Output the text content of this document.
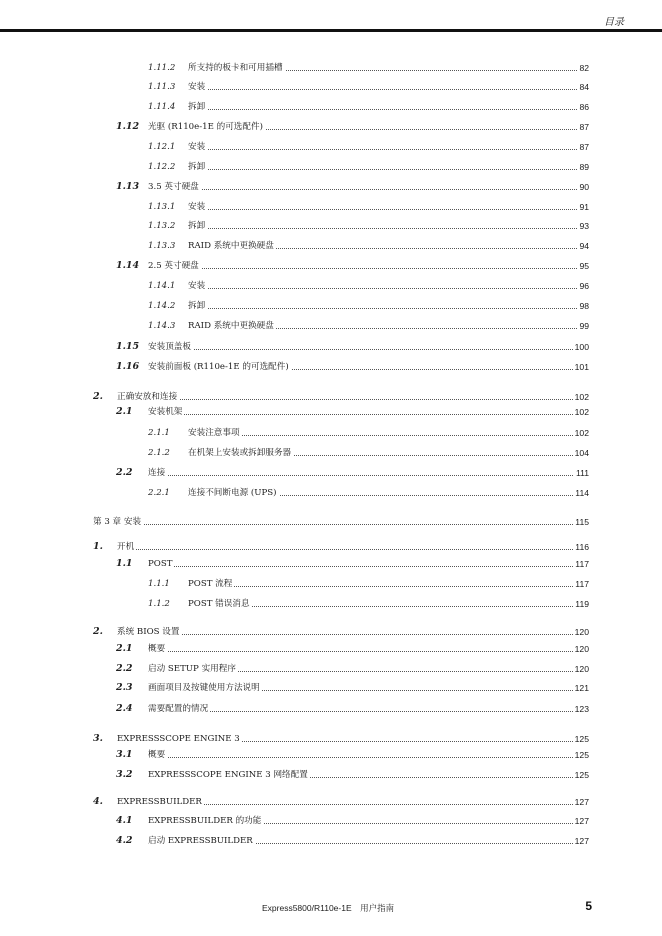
目录
1.11.2 所支持的板卡和可用插槽	82
1.11.3 安装	84
1.11.4 拆卸	86
1.12 光驱 (R110e-1E 的可选配件)	87
1.12.1 安装	87
1.12.2 拆卸	89
1.13 3.5 英寸硬盘	90
1.13.1 安装	91
1.13.2 拆卸	93
1.13.3 RAID 系统中更换硬盘	94
1.14 2.5 英寸硬盘	95
1.14.1 安装	96
1.14.2 拆卸	98
1.14.3 RAID 系统中更换硬盘	99
1.15 安装顶盖板	100
1.16 安装前面板 (R110e-1E 的可选配件)	101
2. 正确安放和连接	102
2.1 安装机架	102
2.1.1 安装注意事项	102
2.1.2 在机架上安装或拆卸服务器	104
2.2 连接	111
2.2.1 连接不间断电源 (UPS)	114
第 3 章 安装	115
1. 开机	116
1.1 POST	117
1.1.1 POST 流程	117
1.1.2 POST 错误消息	119
2. 系统 BIOS 设置	120
2.1 概要	120
2.2 启动 SETUP 实用程序	120
2.3 画面项目及按键使用方法说明	121
2.4 需要配置的情况	123
3. EXPRESSSCOPE ENGINE 3	125
3.1 概要	125
3.2 EXPRESSSCOPE ENGINE 3 网络配置	125
4. EXPRESSBUILDER	127
4.1 EXPRESSBUILDER 的功能	127
4.2 启动 EXPRESSBUILDER	127
Express5800/R110e-1E　用户指南	5
